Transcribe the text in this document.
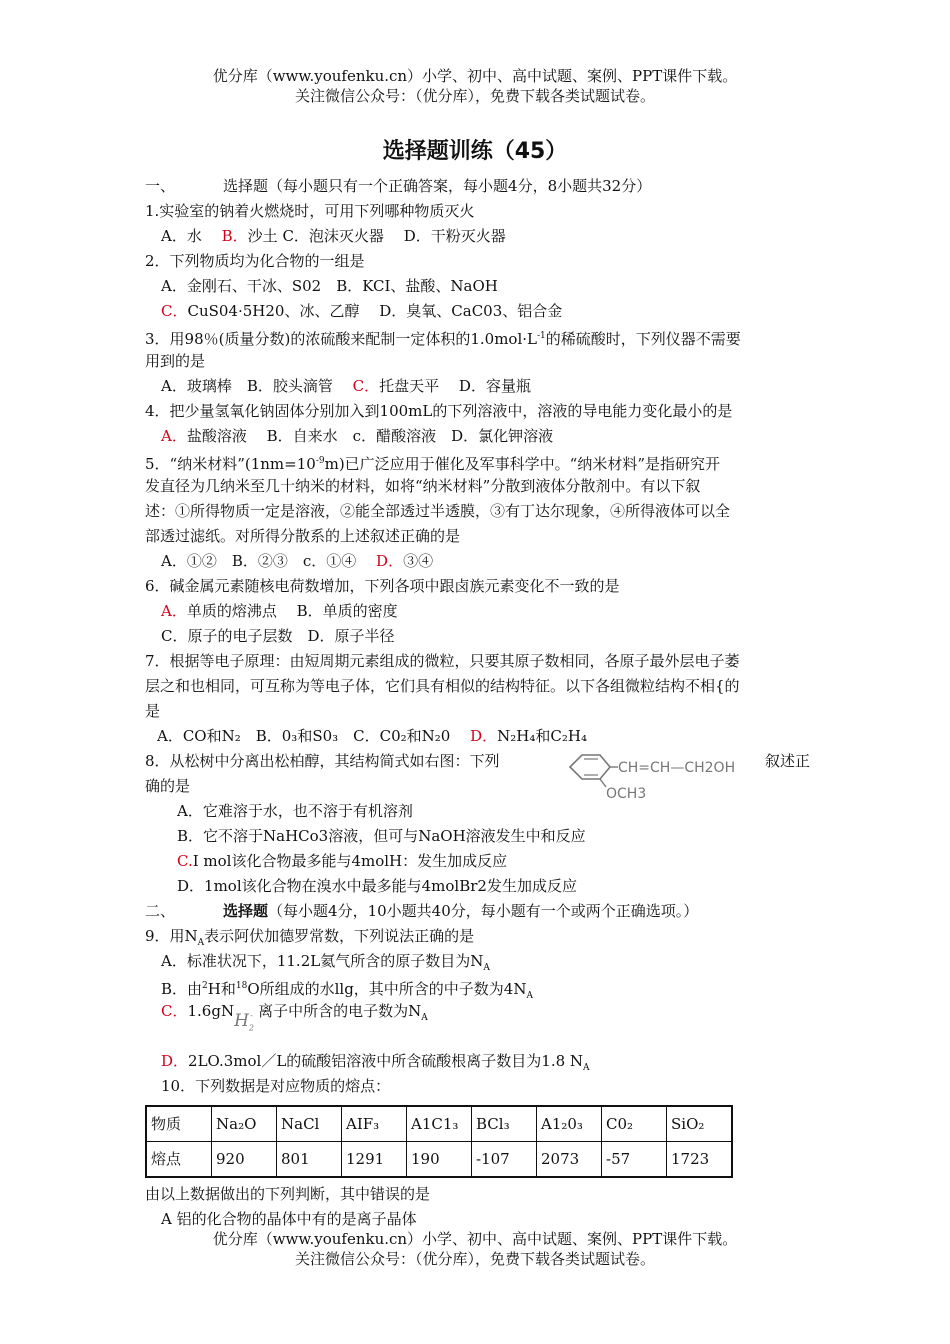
优分库（www.youfenku.cn）小学、初中、高中试题、案例、PPT课件下载。
关注微信公众号：（优分库），免费下载各类试题试卷。
选择题训练（45）
一、	选择题（每小题只有一个正确答案，每小题4分，8小题共32分）
1.实验室的钠着火燃烧时，可用下列哪种物质灭火
A．水　 B．沙土 C．泡沫灭火器　 D．干粉灭火器
2．下列物质均为化合物的一组是
A．金刚石、干冰、S02　B．KCI、盐酸、NaOH
C．CuS04·5H20、冰、乙醇　 D．臭氧、CaC03、铝合金
3．用98％(质量分数)的浓硫酸来配制一定体积的$1.0mol\cdot L^{-1}$的稀硫酸时，下列仪器不需要
用到的是
A．玻璃棒　B．胶头滴管　 C．托盘天平　 D．容量瓶
4．把少量氢氧化钠固体分别加入到100mL的下列溶液中，溶液的导电能力变化最小的是
A．盐酸溶液　 B．自来水　c．醋酸溶液　D．氯化钾溶液
5．“纳米材料$”(1nm=10^{-9}m)$已广泛应用于催化及军事科学中。“纳米材料”是指研究开
发直径为几纳米至几十纳米的材料，如将“纳米材料”分散到液体分散剂中。有以下叙
述：①所得物质一定是溶液，②能全部透过半透膜，③有丁达尔现象，④所得液体可以全
部透过滤纸。对所得分散系的上述叙述正确的是
A．①②　B．②③　c．①④　 D．③④
6．碱金属元素随核电荷数增加，下列各项中跟卤族元素变化不一致的是
A．单质的熔沸点　 B．单质的密度
C．原子的电子层数　D．原子半径
7．根据等电子原理：由短周期元素组成的微粒，只要其原子数相同，各原子最外层电子萎
层之和也相同，可互称为等电子体，它们具有相似的结构特征。以下各组微粒结构不相{的
是
A．CO和N₂　B．0₃和S0₃　C．C0₂和N₂0　 D．N₂H₄和C₂H₄
8．从松树中分离出松柏醇，其结构简式如右图：下列	叙述正
CH=CH—CH2OH
OCH3
确的是
A．它难溶于水，也不溶于有机溶剂
B．它不溶于NaHCo3溶液，但可与NaOH溶液发生中和反应
C.I mol该化合物最多能与4molH：发生加成反应
D．1mol该化合物在溴水中最多能与4molBr2发生加成反应
二、	选择题（每小题4分，10小题共40分，每小题有一个或两个正确选项。）
9．用$N_A$表示阿伏加德罗常数，下列说法正确的是
A．标准状况下，11.2L氦气所含的原子数目为$N_A$
B．由$^2$H和$^{18}$O所组成的水llg，其中所含的中子数为$4N_A$
C．1.6gNH$_2$
- 离子中所含的电子数为$N_A$
D．2LO.3mol／L的硫酸铝溶液中所含硫酸根离子数目为1.8 $N_A$
10．下列数据是对应物质的熔点：
物质	Na₂O	NaCl	AIF₃	A1C1₃	BCl₃	A1₂0₃	C0₂	SiO₂
熔点	920	801	1291	190	-107	2073	-57	1723
由以上数据做出的下列判断，其中错误的是
A 铝的化合物的晶体中有的是离子晶体
优分库（www.youfenku.cn）小学、初中、高中试题、案例、PPT课件下载。
关注微信公众号：（优分库），免费下载各类试题试卷。
